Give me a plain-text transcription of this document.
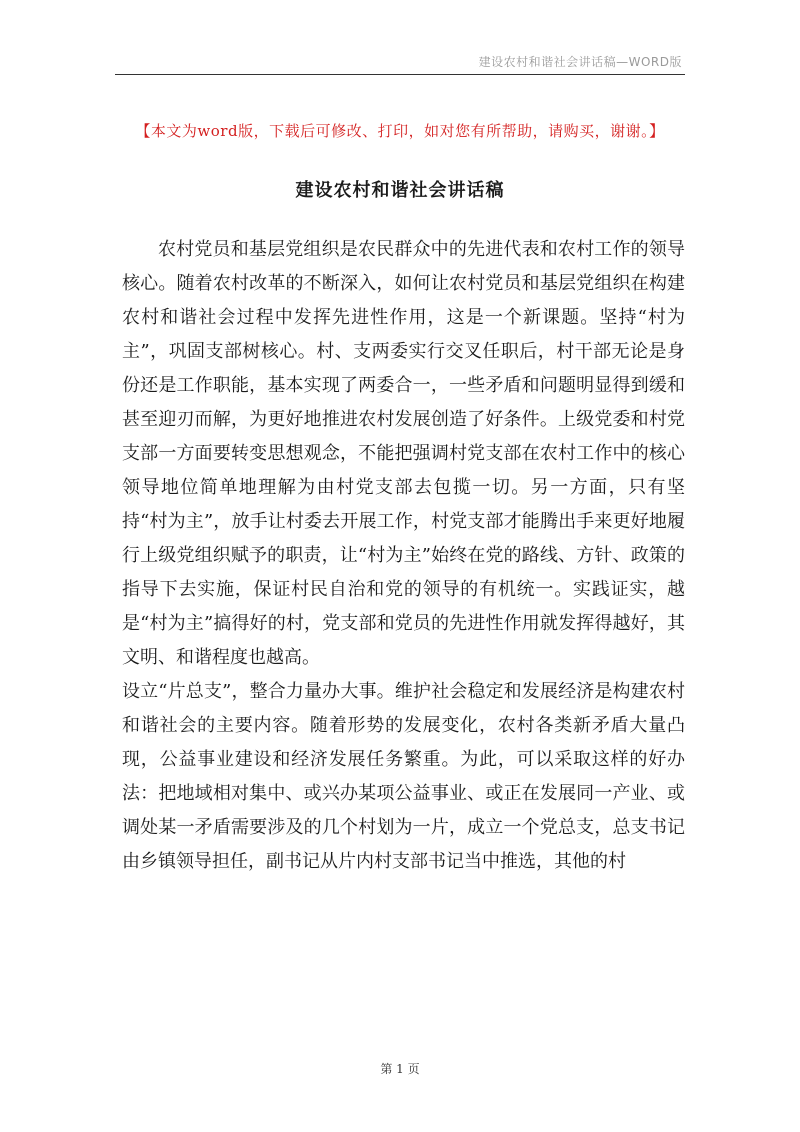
建设农村和谐社会讲话稿—WORD版
【本文为word版，下载后可修改、打印，如对您有所帮助，请购买，谢谢。】
建设农村和谐社会讲话稿

农村党员和基层党组织是农民群众中的先进代表和农村工作的领导核心。随着农村改革的不断深入，如何让农村党员和基层党组织在构建农村和谐社会过程中发挥先进性作用，这是一个新课题。坚持“村为主”，巩固支部树核心。村、支两委实行交叉任职后，村干部无论是身份还是工作职能，基本实现了两委合一，一些矛盾和问题明显得到缓和甚至迎刃而解，为更好地推进农村发展创造了好条件。上级党委和村党支部一方面要转变思想观念，不能把强调村党支部在农村工作中的核心领导地位简单地理解为由村党支部去包揽一切。另一方面，只有坚持“村为主”，放手让村委去开展工作，村党支部才能腾出手来更好地履行上级党组织赋予的职责，让“村为主”始终在党的路线、方针、政策的指导下去实施，保证村民自治和党的领导的有机统一。实践证实，越是“村为主”搞得好的村，党支部和党员的先进性作用就发挥得越好，其文明、和谐程度也越高。

设立“片总支”，整合力量办大事。维护社会稳定和发展经济是构建农村和谐社会的主要内容。随着形势的发展变化，农村各类新矛盾大量凸现，公益事业建设和经济发展任务繁重。为此，可以采取这样的好办法：把地域相对集中、或兴办某项公益事业、或正在发展同一产业、或调处某一矛盾需要涉及的几个村划为一片，成立一个党总支，总支书记由乡镇领导担任，副书记从片内村支部书记当中推选，其他的村

第 1 页
